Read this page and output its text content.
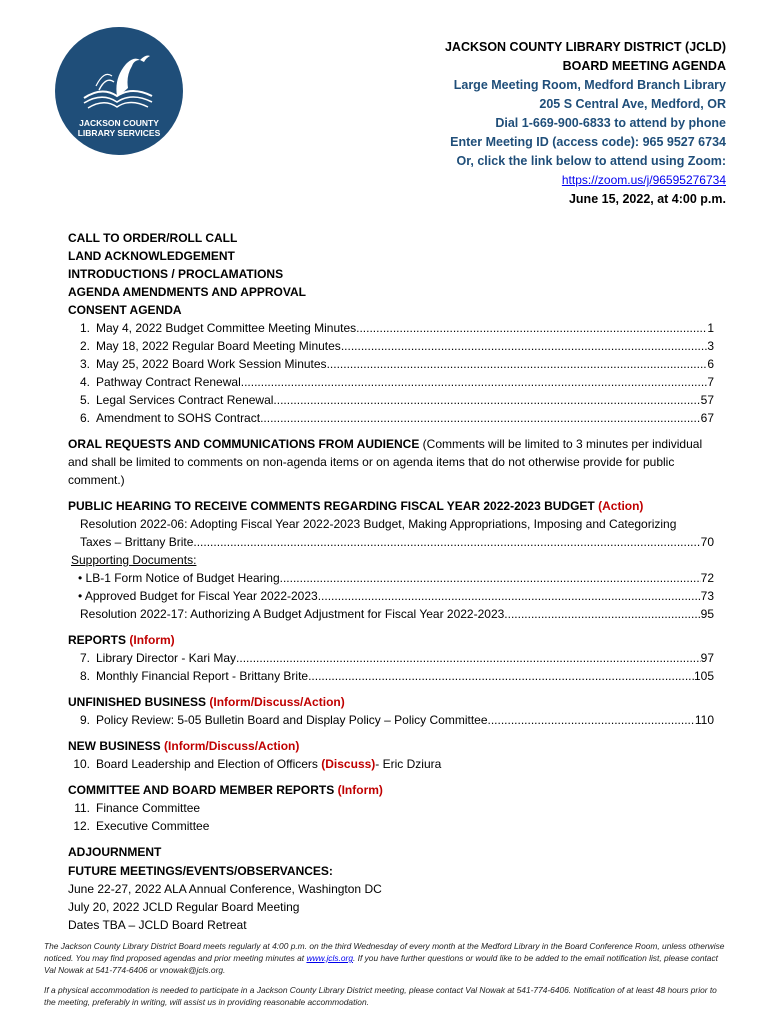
JACKSON COUNTY
LIBRARY SERVICES
JACKSON COUNTY LIBRARY DISTRICT (JCLD)
BOARD MEETING AGENDA
Large Meeting Room, Medford Branch Library
205 S Central Ave, Medford, OR
Dial 1-669-900-6833 to attend by phone
Enter Meeting ID (access code): 965 9527 6734
Or, click the link below to attend using Zoom:
https://zoom.us/j/96595276734
June 15, 2022, at 4:00 p.m.
CALL TO ORDER/ROLL CALL
LAND ACKNOWLEDGEMENT
INTRODUCTIONS / PROCLAMATIONS
AGENDA AMENDMENTS AND APPROVAL
CONSENT AGENDA
1. May 4, 2022 Budget Committee Meeting Minutes .....	1
2. May 18, 2022 Regular Board Meeting Minutes .....	3
3. May 25, 2022 Board Work Session Minutes .....	6
4. Pathway Contract Renewal .....	7
5. Legal Services Contract Renewal .....	57
6. Amendment to SOHS Contract .....	67
ORAL REQUESTS AND COMMUNICATIONS FROM AUDIENCE (Comments will be limited to 3 minutes per individual and shall be limited to comments on non-agenda items or on agenda items that do not otherwise provide for public comment.)
PUBLIC HEARING TO RECEIVE COMMENTS REGARDING FISCAL YEAR 2022-2023 BUDGET (Action)
Resolution 2022-06: Adopting Fiscal Year 2022-2023 Budget, Making Appropriations, Imposing and Categorizing
Taxes – Brittany Brite .....	70
Supporting Documents:
• LB-1 Form Notice of Budget Hearing .....	72
• Approved Budget for Fiscal Year 2022-2023 .....	73
Resolution 2022-17: Authorizing A Budget Adjustment for Fiscal Year 2022-2023 .....	95
REPORTS (Inform)
7. Library Director - Kari May .....	97
8. Monthly Financial Report - Brittany Brite .....	105
UNFINISHED BUSINESS (Inform/Discuss/Action)
9. Policy Review: 5-05 Bulletin Board and Display Policy – Policy Committee .....	110
NEW BUSINESS (Inform/Discuss/Action)
10. Board Leadership and Election of Officers
(Discuss) - Eric Dziura
COMMITTEE AND BOARD MEMBER REPORTS (Inform)
11. Finance Committee
12. Executive Committee
ADJOURNMENT
FUTURE MEETINGS/EVENTS/OBSERVANCES:
June 22-27, 2022 ALA Annual Conference, Washington DC
July 20, 2022 JCLD Regular Board Meeting
Dates TBA – JCLD Board Retreat
The Jackson County Library District Board meets regularly at 4:00 p.m. on the third Wednesday of every month at the Medford Library in the Board Conference Room, unless otherwise noticed. You may find proposed agendas and prior meeting minutes at www.jcls.org. If you have further questions or would like to be added to the email notification list, please contact Val Nowak at 541-774-6406 or vnowak@jcls.org.
If a physical accommodation is needed to participate in a Jackson County Library District meeting, please contact Val Nowak at 541-774-6406. Notification of at least 48 hours prior to the meeting, preferably in writing, will assist us in providing reasonable accommodation.
